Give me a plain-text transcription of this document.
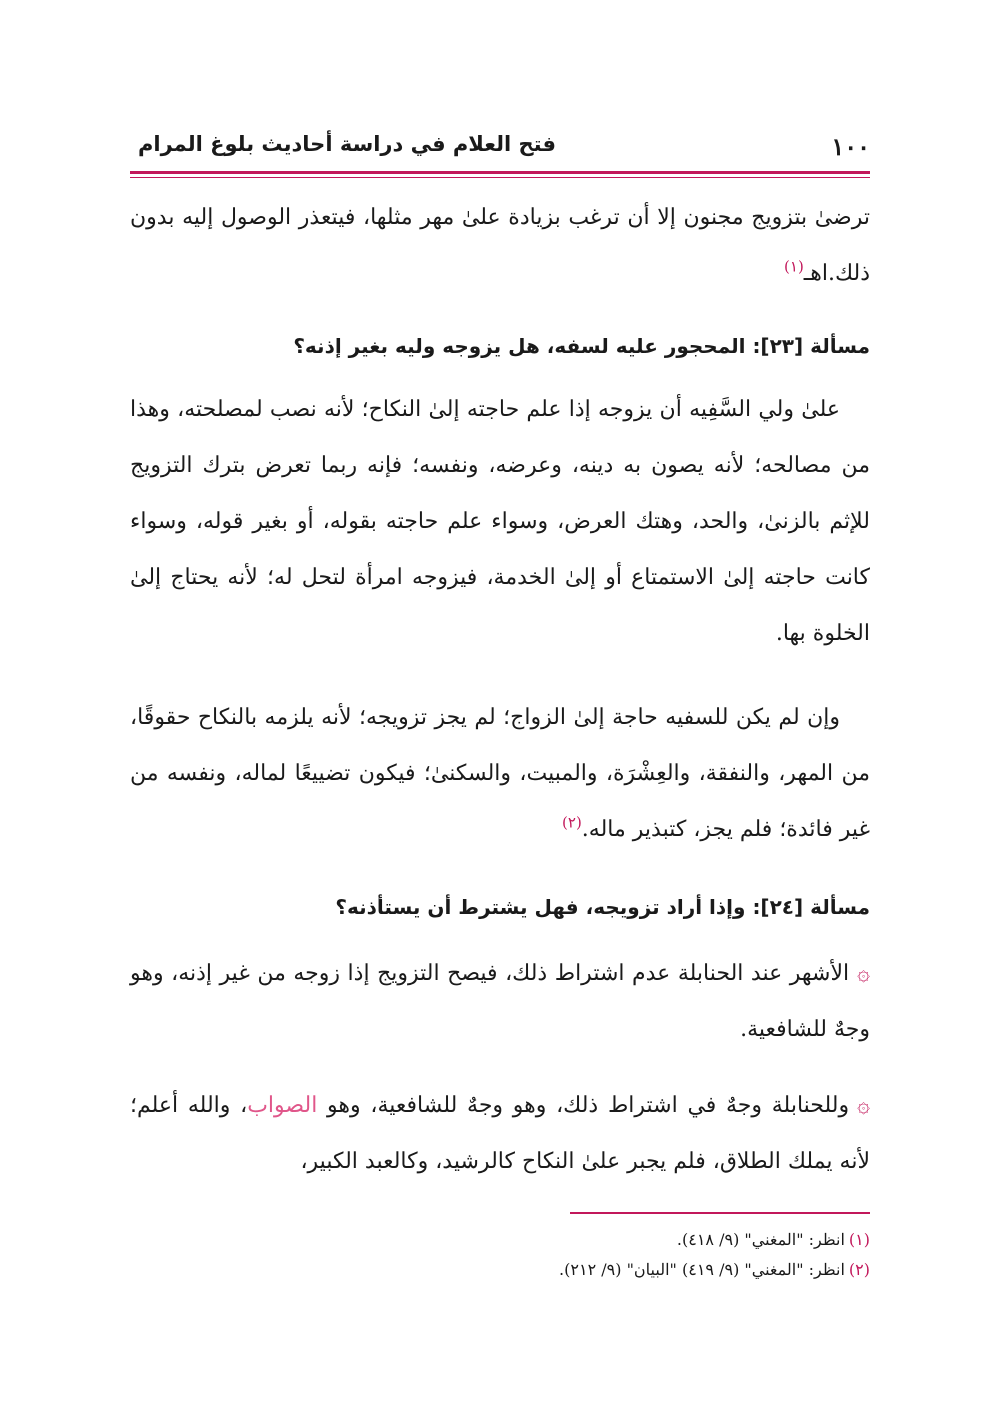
١٠٠
فتح العلام في دراسة أحاديث بلوغ المرام
ترضىٰ بتزويج مجنون إلا أن ترغب بزيادة علىٰ مهر مثلها، فيتعذر الوصول إليه بدون ذلك.اهـ$^{(١)}$
مسألة [٢٣]: المحجور عليه لسفه، هل يزوجه وليه بغير إذنه؟
علىٰ ولي السَّفِيه أن يزوجه إذا علم حاجته إلىٰ النكاح؛ لأنه نصب لمصلحته، وهذا من مصالحه؛ لأنه يصون به دينه، وعرضه، ونفسه؛ فإنه ربما تعرض بترك التزويج للإثم بالزنىٰ، والحد، وهتك العرض، وسواء علم حاجته بقوله، أو بغير قوله، وسواء كانت حاجته إلىٰ الاستمتاع أو إلىٰ الخدمة، فيزوجه امرأة لتحل له؛ لأنه يحتاج إلىٰ الخلوة بها.
وإن لم يكن للسفيه حاجة إلىٰ الزواج؛ لم يجز تزويجه؛ لأنه يلزمه بالنكاح حقوقًا، من المهر، والنفقة، والعِشْرَة، والمبيت، والسكنىٰ؛ فيكون تضييعًا لماله، ونفسه من غير فائدة؛ فلم يجز، كتبذير ماله.$^{(٢)}$
مسألة [٢٤]: وإذا أراد تزويجه، فهل يشترط أن يستأذنه؟
۞الأشهر عند الحنابلة عدم اشتراط ذلك، فيصح التزويج إذا زوجه من غير إذنه، وهو وجهٌ للشافعية.
۞وللحنابلة وجهٌ في اشتراط ذلك، وهو وجهٌ للشافعية، وهو الصواب، والله أعلم؛ لأنه يملك الطلاق، فلم يجبر علىٰ النكاح كالرشيد، وكالعبد الكبير،
(١)انظر: "المغني" (٩/ ٤١٨).
(٢)انظر: "المغني" (٩/ ٤١٩) "البيان" (٩/ ٢١٢).
